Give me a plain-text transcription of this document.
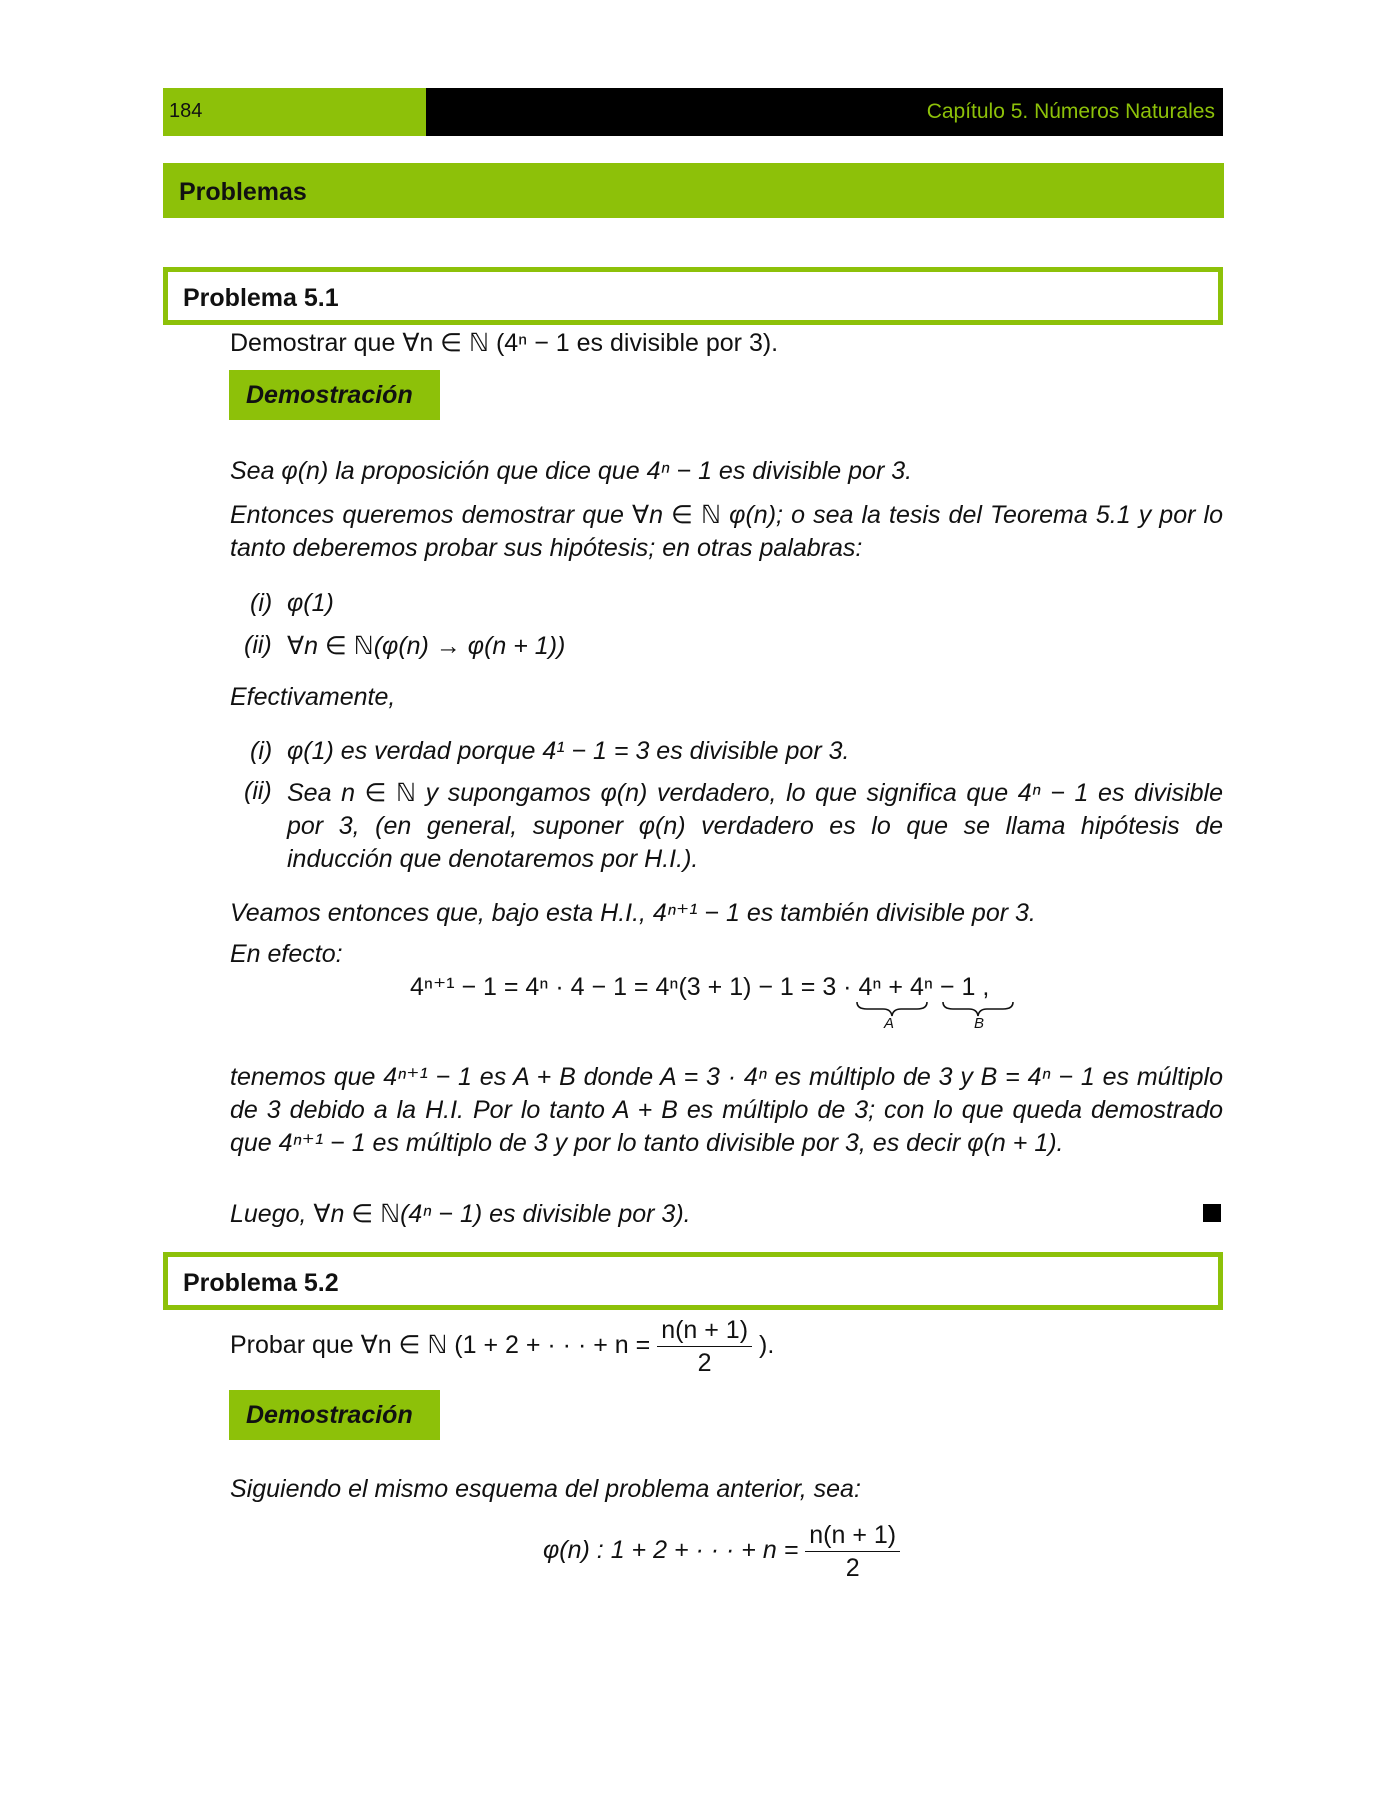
184	Capítulo 5. Números Naturales
Problemas
Problema 5.1
Demostrar que ∀n ∈ ℕ (4ⁿ − 1 es divisible por 3).
Demostración
Sea φ(n) la proposición que dice que 4ⁿ − 1 es divisible por 3.
Entonces queremos demostrar que ∀n ∈ ℕ φ(n); o sea la tesis del Teorema 5.1 y por lo tanto deberemos probar sus hipótesis; en otras palabras:
(i) φ(1)
(ii) ∀n ∈ ℕ(φ(n) → φ(n + 1))
Efectivamente,
(i) φ(1) es verdad porque 4¹ − 1 = 3 es divisible por 3.
(ii) Sea n ∈ ℕ y supongamos φ(n) verdadero, lo que significa que 4ⁿ − 1 es divisible por 3, (en general, suponer φ(n) verdadero es lo que se llama hipótesis de inducción que denotaremos por H.I.).
Veamos entonces que, bajo esta H.I., 4ⁿ⁺¹ − 1 es también divisible por 3.
En efecto:
4ⁿ⁺¹ − 1 = 4ⁿ · 4 − 1 = 4ⁿ(3 + 1) − 1 = 3 · 4ⁿ + 4ⁿ − 1 ,
A	B
tenemos que 4ⁿ⁺¹ − 1 es A + B donde A = 3 · 4ⁿ es múltiplo de 3 y B = 4ⁿ − 1 es múltiplo de 3 debido a la H.I. Por lo tanto A + B es múltiplo de 3; con lo que queda demostrado que 4ⁿ⁺¹ − 1 es múltiplo de 3 y por lo tanto divisible por 3, es decir φ(n + 1).
Luego, ∀n ∈ ℕ(4ⁿ − 1) es divisible por 3).
Problema 5.2
Probar que ∀n ∈ ℕ (1 + 2 + · · · + $n = \frac{n(n + 1)}{2}$ ).
Demostración
Siguiendo el mismo esquema del problema anterior, sea:
φ(n) : 1 + 2 + · · · + $n = \frac{n(n + 1)}{2}$
